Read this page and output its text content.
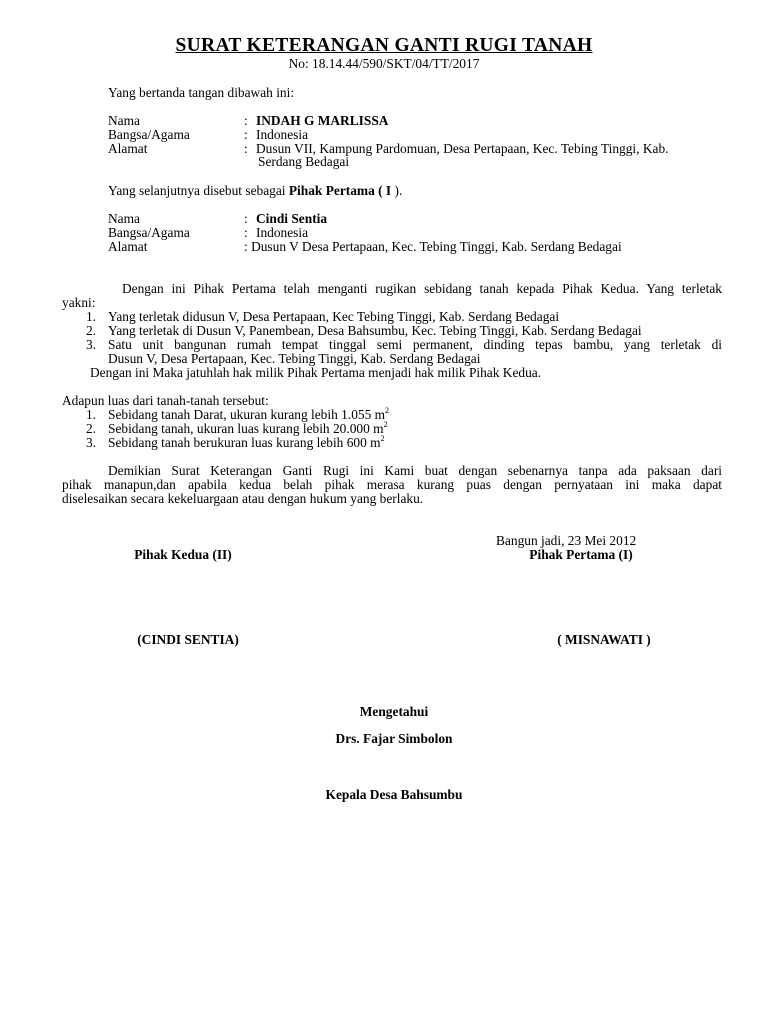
SURAT KETERANGAN GANTI RUGI TANAH
No: 18.14.44/590/SKT/04/TT/2017
Yang bertanda tangan dibawah ini:
Nama	: INDAH G MARLISSA
Bangsa/Agama	: Indonesia
Alamat	: Dusun VII, Kampung Pardomuan, Desa Pertapaan, Kec. Tebing Tinggi, Kab.
Serdang Bedagai
Yang selanjutnya disebut sebagai Pihak Pertama ( I ).
Nama	: Cindi Sentia
Bangsa/Agama	: Indonesia
Alamat	: Dusun V Desa Pertapaan, Kec. Tebing Tinggi, Kab. Serdang Bedagai
Dengan ini Pihak Pertama telah menganti rugikan sebidang tanah kepada Pihak Kedua. Yang terletak
yakni:
1. Yang terletak didusun V, Desa Pertapaan, Kec Tebing Tinggi, Kab. Serdang Bedagai
2. Yang terletak di Dusun V, Panembean, Desa Bahsumbu, Kec. Tebing Tinggi, Kab. Serdang Bedagai
3. Satu unit bangunan rumah tempat tinggal semi permanent, dinding tepas bambu, yang terletak di
Dusun V, Desa Pertapaan, Kec. Tebing Tinggi, Kab. Serdang Bedagai
Dengan ini Maka jatuhlah hak milik Pihak Pertama menjadi hak milik Pihak Kedua.
Adapun luas dari tanah-tanah tersebut:
1. Sebidang tanah Darat, ukuran kurang lebih 1.055 $m^2$
2. Sebidang tanah, ukuran luas kurang lebih 20.000 $m^2$
3. Sebidang tanah berukuran luas kurang lebih 600 $m^2$
Demikian Surat Keterangan Ganti Rugi ini Kami buat dengan sebenarnya tanpa ada paksaan dari
pihak manapun,dan apabila kedua belah pihak merasa kurang puas dengan pernyataan ini maka dapat
diselesaikan secara kekeluargaan atau dengan hukum yang berlaku.
Bangun jadi, 23 Mei 2012
Pihak Kedua (II)	Pihak Pertama (I)
(CINDI SENTIA)	( MISNAWATI )
Mengetahui
Drs. Fajar Simbolon
Kepala Desa Bahsumbu
